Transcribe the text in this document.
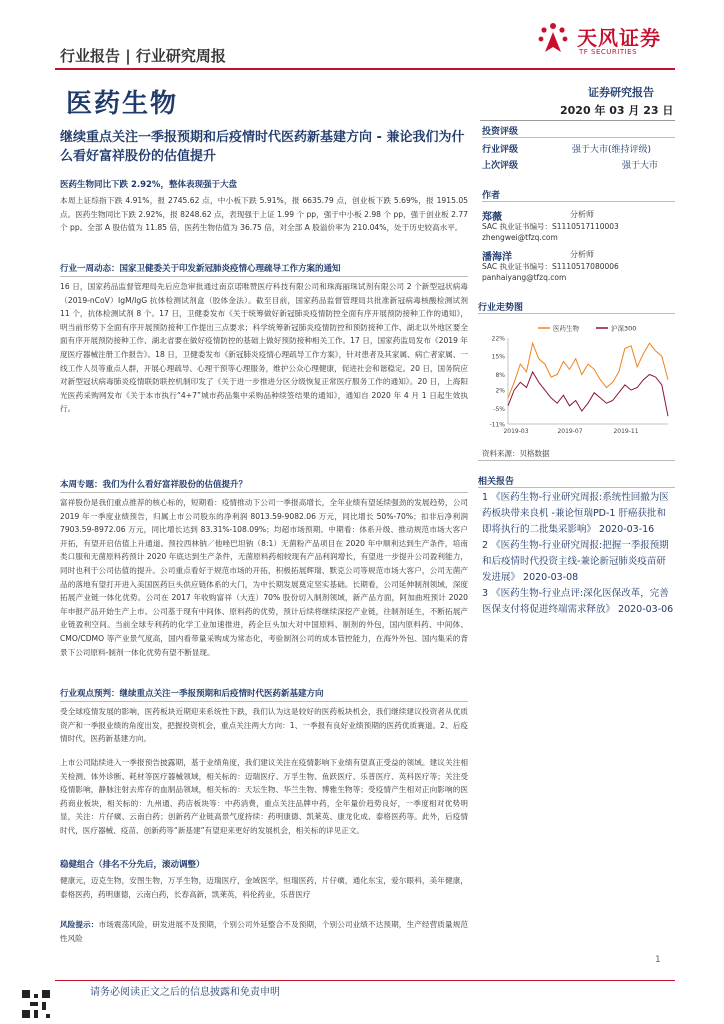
行业报告 | 行业研究周报
天风证券
TF SECURITIES
医药生物	证券研究报告
2020 年 03 月 23 日
继续重点关注一季报预期和后疫情时代医药新基建方向 - 兼论我们为什么看好富祥股份的估值提升
医药生物同比下跌 2.92%，整体表现强于大盘
本周上证综指下跌 4.91%，报 2745.62 点，中小板下跌 5.91%，报 6635.79 点，创业板下跌 5.69%，报 1915.05 点。医药生物同比下跌 2.92%，报 8248.62 点，表现强于上证 1.99 个 pp，强于中小板 2.98 个 pp，强于创业板 2.77 个 pp。全部 A 股估值为 11.85 倍，医药生物估值为 36.75 倍，对全部 A 股溢价率为 210.04%，处于历史较高水平。
行业一周动态：国家卫健委关于印发新冠肺炎疫情心理疏导工作方案的通知
16 日，国家药品监督管理局先后应急审批通过南京诺唯赞医疗科技有限公司和珠海丽珠试剂有限公司 2 个新型冠状病毒（2019-nCoV）IgM/IgG 抗体检测试剂盒（胶体金法）。截至目前，国家药品监督管理局共批准新冠病毒核酸检测试剂 11 个，抗体检测试剂 8 个。17 日，卫健委发布《关于统筹做好新冠肺炎疫情防控全面有序开展预防接种工作的通知》，明当前形势下全面有序开展预防接种工作提出三点要求；科学统筹新冠肺炎疫情防控和预防接种工作、湖北以外地区要全面有序开展预防接种工作、湖北省要在做好疫情防控的基础上做好预防接种相关工作。17 日，国家药监局发布《2019 年度医疗器械注册工作报告》。18 日，卫健委发布《新冠肺炎疫情心理疏导工作方案》，针对患者及其家属、病亡者家属、一线工作人员等重点人群，开展心理疏导、心理干预等心理服务，维护公众心理健康，促进社会和谐稳定。20 日，国务院应对新型冠状病毒肺炎疫情联防联控机制印发了《关于进一步推进分区分级恢复正常医疗服务工作的通知》。20 日，上海阳光医药采购网发布《关于本市执行“4+7”城市药品集中采购品种续签结果的通知》，通知自 2020 年 4 月 1 日起生效执行。
本周专题：我们为什么看好富祥股份的估值提升？
富祥股份是我们重点推荐的核心标的，短期看：疫情推动下公司一季报高增长，全年业绩有望延续强劲的发展趋势，公司 2019 年一季度业绩预告，归属上市公司股东的净利润 8013.59-9082.06 万元，同比增长 50%-70%；扣非后净利润 7903.59-8972.06 万元，同比增长达到 83.31%-108.09%；均超市场预期。中期看：体系升级、推动规范市场大客户开拓，有望开启估值上升通道。预拉西林钠／他唑巴坦钠（8:1）无菌粉产品项目在 2020 年中顺利达到生产条件，培南类口服和无菌原料药预计 2020 年底达到生产条件，无菌原料药相较现有产品利润增长，有望进一步提升公司盈利能力，同时也利于公司估值的提升。公司重点看好于规范市场的开拓，积极拓展辉瑞、默克公司等规范市场大客户，公司无菌产品的落地有望打开进入美国医药巨头供应链体系的大门，为中长期发展奠定坚实基础。长期看，公司延伸制剂领域，深度拓展产业链一体化优势。公司在 2017 年收购富祥（大连）70% 股份切入制剂领域，新产品方面，阿加曲班预计 2020 年申报产品开始生产上市。公司基于现有中间体、原料药的优势，预计后续将继续深挖产业链，往制剂延生，不断拓展产业链盈利空间。当前全球专利药的化学工业加速推进，药企巨头加大对中国原料、制剂的外包，国内原料药、中间体、CMO/CDMO 等产业景气度高，国内看带量采购成为常态化，考验制剂公司的成本管控能力，在海外外包、国内集采的背景下公司原料-制剂一体化优势有望不断显现。
行业观点预判：继续重点关注一季报预期和后疫情时代医药新基建方向
受全球疫情发展的影响，医药板块近期迎来系统性下跌，我们认为这是较好的医药板块机会，我们继续建议投资者从优质资产和一季报业绩的角度出发，把握投资机会，重点关注两大方向：1、一季报有良好业绩预期的医药优质赛道。2、后疫情时代，医药新基建方向。
上市公司陆续进入一季报预告披露期，基于业绩角度，我们建议关注在疫情影响下业绩有望真正受益的领域。建议关注相关检测、体外诊断、耗材等医疗器械领域，相关标的：迈瑞医疗、万孚生物、鱼跃医疗、乐普医疗、英科医疗等；关注受疫情影响，静脉注射去库存的血制品领域，相关标的：天坛生物、华兰生物、博雅生物等；受疫情产生相对正向影响的医药商业板块，相关标的：九州通、药店板块等：中药消费，重点关注品牌中药，全年量价趋势良好，一季度相对优势明显，关注：片仔癀、云南白药；创新药产业链高景气度持续：药明康德、凯莱英、康龙化成、泰格医药等。此外，后疫情时代，医疗器械、疫苗、创新药等“新基建”有望迎来更好的发展机会，相关标的详见正文。
稳健组合（排名不分先后，滚动调整）
健康元，迈克生物，安图生物，万孚生物，迈瑞医疗，金域医学，恒瑞医药，片仔癀，通化东宝，爱尔眼科，美年健康，泰格医药，药明康德，云南白药，长春高新，凯莱英，科伦药业，乐普医疗
风险提示：市场震荡风险，研发进展不及预期，个别公司外延整合不及预期，个别公司业绩不达预期，生产经营质量规范性风险
投资评级
行业评级	强于大市(维持评级)
上次评级	强于大市
作者
郑薇	分析师
SAC 执业证书编号：S1110517110003
zhengwei@tfzq.com
潘海洋	分析师
SAC 执业证书编号：S1110517080006
panhaiyang@tfzq.com
行业走势图
22%
15%
8%
2%
-5%
-11%
2019-03	2019-07	2019-11
医药生物	沪深300
资料来源：贝格数据
相关报告
1 《医药生物-行业研究周报:系统性回撤为医药板块带来良机 -兼论恒瑞PD-1 肝癌获批和即将执行的二批集采影响》 2020-03-16
2 《医药生物-行业研究周报:把握一季报预期和后疫情时代投资主线-兼论新冠肺炎疫苗研发进展》 2020-03-08
3 《医药生物-行业点评:深化医保改革，完善医保支付将促进终端需求释放》 2020-03-06
1
请务必阅读正文之后的信息披露和免责申明
